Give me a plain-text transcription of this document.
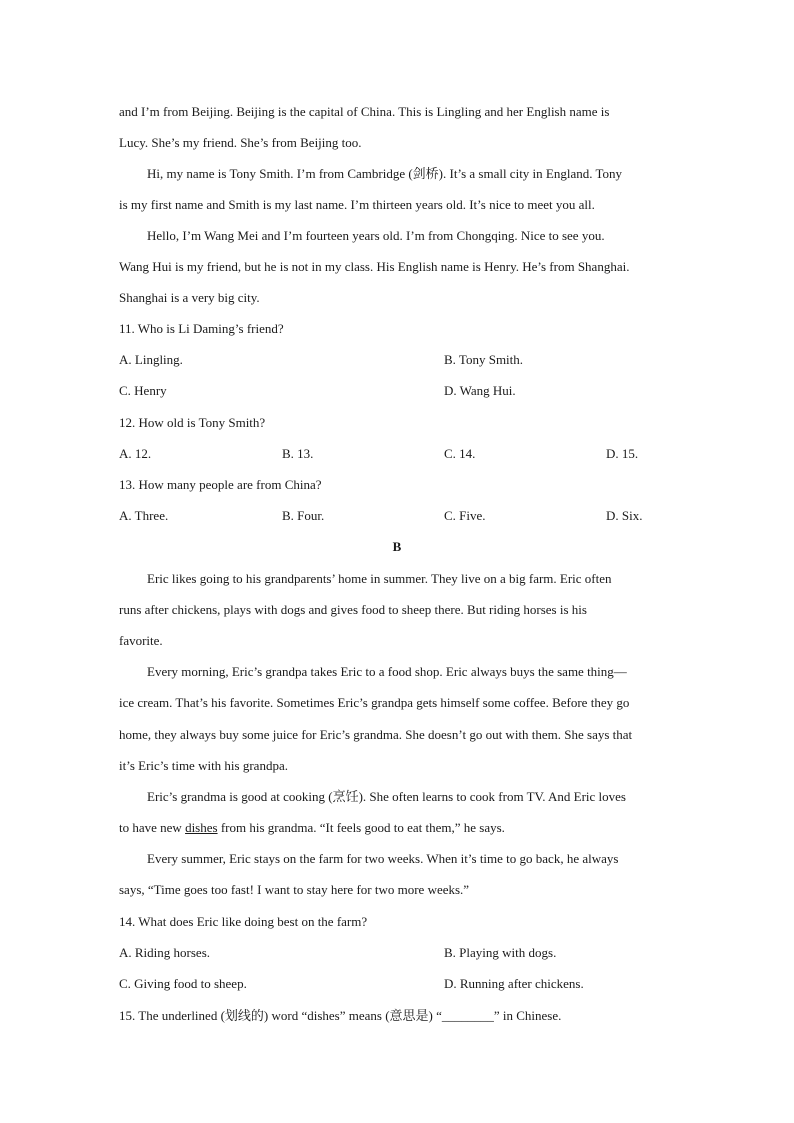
and I’m from Beijing. Beijing is the capital of China. This is Lingling and her English name is
Lucy. She’s my friend. She’s from Beijing too.
Hi, my name is Tony Smith. I’m from Cambridge (剑桥). It’s a small city in England. Tony
is my first name and Smith is my last name. I’m thirteen years old. It’s nice to meet you all.
Hello, I’m Wang Mei and I’m fourteen years old. I’m from Chongqing. Nice to see you.
Wang Hui is my friend, but he is not in my class. His English name is Henry. He’s from Shanghai.
Shanghai is a very big city.
11. Who is Li Daming’s friend?
A. Lingling.	B. Tony Smith.
C. Henry	D. Wang Hui.
12. How old is Tony Smith?
A. 12.	B. 13.	C. 14.	D. 15.
13. How many people are from China?
A. Three.	B. Four.	C. Five.	D. Six.
B
Eric likes going to his grandparents’ home in summer. They live on a big farm. Eric often
runs after chickens, plays with dogs and gives food to sheep there. But riding horses is his
favorite.
Every morning, Eric’s grandpa takes Eric to a food shop. Eric always buys the same thing—
ice cream. That’s his favorite. Sometimes Eric’s grandpa gets himself some coffee. Before they go
home, they always buy some juice for Eric’s grandma. She doesn’t go out with them. She says that
it’s Eric’s time with his grandpa.
Eric’s grandma is good at cooking (烹饪). She often learns to cook from TV. And Eric loves
to have new dishes from his grandma. “It feels good to eat them,” he says.
Every summer, Eric stays on the farm for two weeks. When it’s time to go back, he always
says, “Time goes too fast! I want to stay here for two more weeks.”
14. What does Eric like doing best on the farm?
A. Riding horses.	B. Playing with dogs.
C. Giving food to sheep.	D. Running after chickens.
15. The underlined (划线的) word “dishes” means (意思是) “________” in Chinese.
